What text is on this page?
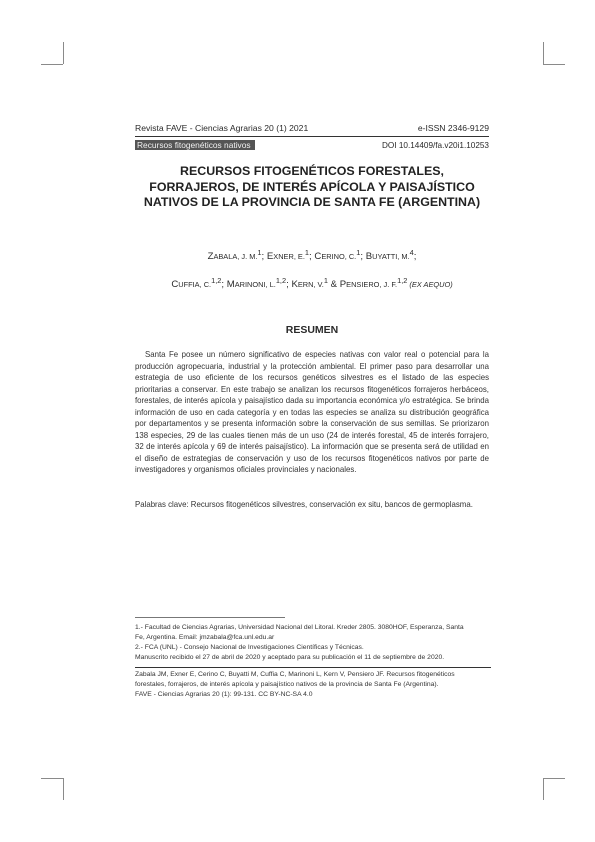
Revista FAVE - Ciencias Agrarias 20 (1) 2021	e-ISSN 2346-9129
Recursos fitogenéticos nativos	DOI 10.14409/fa.v20i1.10253
RECURSOS FITOGENÉTICOS FORESTALES,
FORRAJEROS, DE INTERÉS APÍCOLA Y PAISAJÍSTICO
NATIVOS DE LA PROVINCIA DE SANTA FE (ARGENTINA)
ZABALA, J. M.$^1$; EXNER, E.$^1$; CERINO, C.$^1$; BUYATTI, M.$^4$;
CUFFIA, C.$^{1,2}$; MARINONI, L.$^{1,2}$; KERN, V.$^1$ & PENSIERO, J. F.$^{1,2}$ (EX AEQUO)
RESUMEN

Santa Fe posee un número significativo de especies nativas con valor real o potencial para la producción agropecuaria, industrial y la protección ambiental. El primer paso para desarrollar una estrategia de uso eficiente de los recursos genéticos silvestres es el listado de las especies prioritarias a conservar. En este trabajo se analizan los recursos fitogenéticos forrajeros herbáceos, forestales, de interés apícola y paisajístico dada su importancia económica y/o estratégica. Se brinda información de uso en cada categoría y en todas las especies se analiza su distribución geográfica por departamentos y se presenta información sobre la conservación de sus semillas. Se priorizaron 138 especies, 29 de las cuales tienen más de un uso (24 de interés forestal, 45 de interés forrajero, 32 de interés apícola y 69 de interés paisajístico). La información que se presenta será de utilidad en el diseño de estrategias de conservación y uso de los recursos fitogenéticos nativos por parte de investigadores y organismos oficiales provinciales y nacionales.

Palabras clave: Recursos fitogenéticos silvestres, conservación ex situ, bancos de germoplasma.
1.- Facultad de Ciencias Agrarias, Universidad Nacional del Litoral. Kreder 2805. 3080HOF, Esperanza, Santa
Fe, Argentina. Email: jmzabala@fca.unl.edu.ar
2.- FCA (UNL) - Consejo Nacional de Investigaciones Científicas y Técnicas.
Manuscrito recibido el 27 de abril de 2020 y aceptado para su publicación el 11 de septiembre de 2020.
Zabala JM, Exner E, Cerino C, Buyatti M, Cuffia C, Marinoni L, Kern V, Pensiero JF. Recursos fitogenéticos
forestales, forrajeros, de interés apícola y paisajístico nativos de la provincia de Santa Fe (Argentina).
FAVE - Ciencias Agrarias 20 (1): 99-131. CC BY-NC-SA 4.0
